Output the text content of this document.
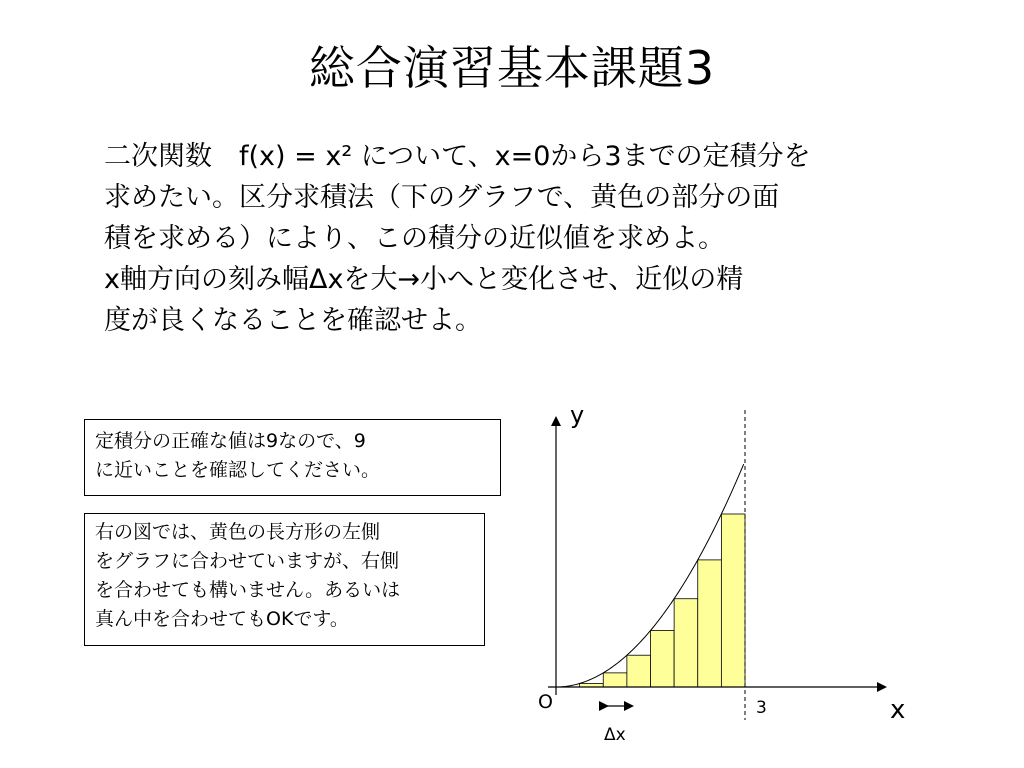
総合演習基本課題3
二次関数　f(x) = x² について、x=0から3までの定積分を
求めたい。区分求積法（下のグラフで、黄色の部分の面
積を求める）により、この積分の近似値を求めよ。
x軸方向の刻み幅Δxを大→小へと変化させ、近似の精
度が良くなることを確認せよ。
定積分の正確な値は9なので、9
に近いことを確認してください。
右の図では、黄色の長方形の左側
をグラフに合わせていますが、右側
を合わせても構いません。あるいは
真ん中を合わせてもOKです。
y
x
O	3
Δx
